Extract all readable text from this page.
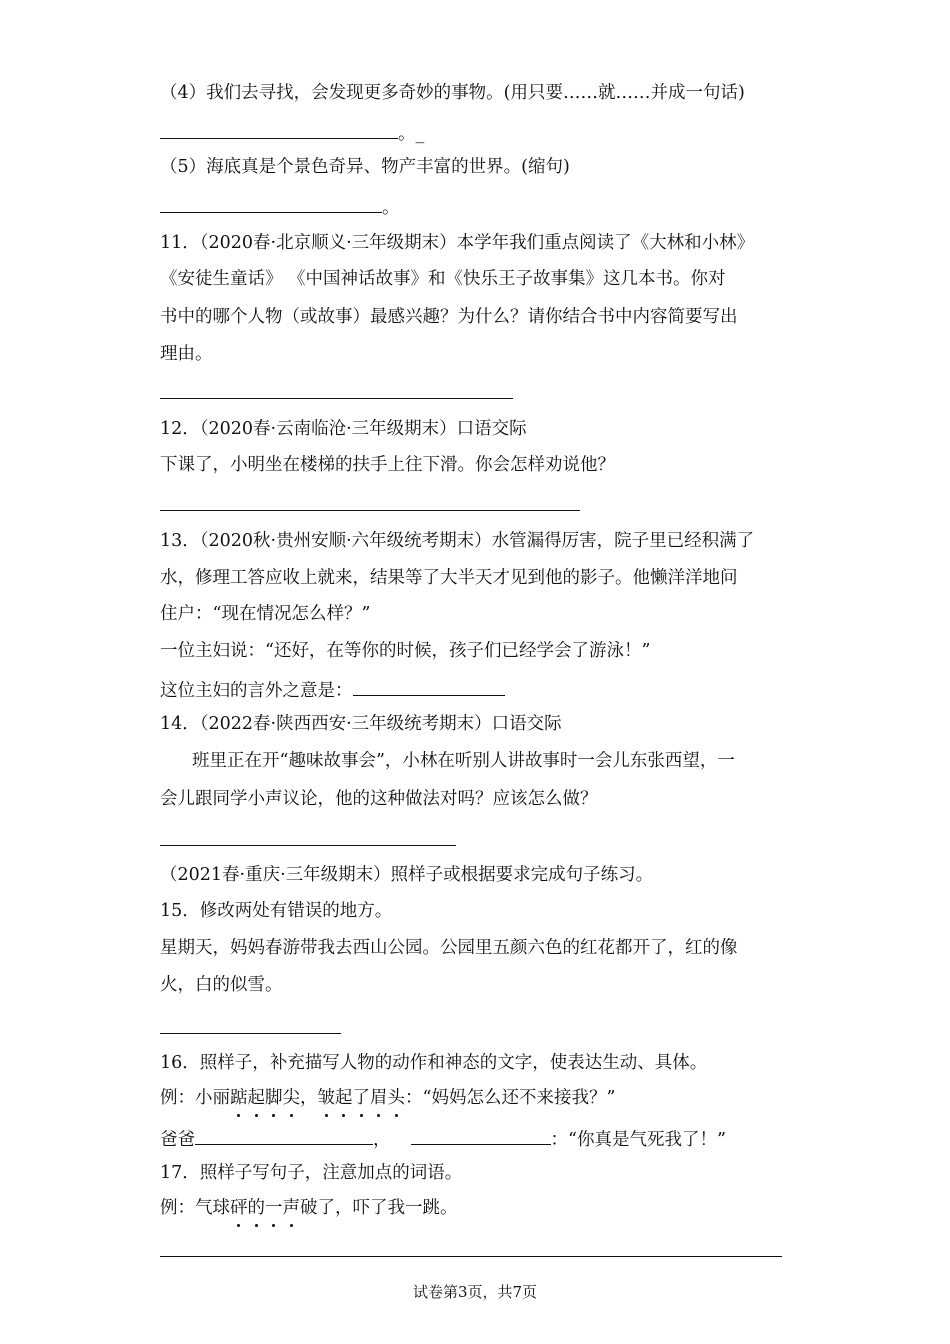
（4）我们去寻找，会发现更多奇妙的事物。(用只要……就……并成一句话)
。_
（5）海底真是个景色奇异、物产丰富的世界。(缩句)
。
11．（2020春·北京顺义·三年级期末）本学年我们重点阅读了《大林和小林》
《安徒生童话》 《中国神话故事》和《快乐王子故事集》这几本书。你对
书中的哪个人物（或故事）最感兴趣？为什么？请你结合书中内容简要写出
理由。
12．（2020春·云南临沧·三年级期末）口语交际
下课了，小明坐在楼梯的扶手上往下滑。你会怎样劝说他？
13．（2020秋·贵州安顺·六年级统考期末）水管漏得厉害，院子里已经积满了
水，修理工答应收上就来，结果等了大半天才见到他的影子。他懒洋洋地问
住户：“现在情况怎么样？”
一位主妇说：“还好，在等你的时候，孩子们已经学会了游泳！”
这位主妇的言外之意是：
14．（2022春·陕西西安·三年级统考期末）口语交际
班里正在开“趣味故事会”，小林在听别人讲故事时一会儿东张西望，一
会儿跟同学小声议论，他的这种做法对吗？应该怎么做？
（2021春·重庆·三年级期末）照样子或根据要求完成句子练习。
15．修改两处有错误的地方。
星期天，妈妈春游带我去西山公园。公园里五颜六色的红花都开了，红的像
火，白的似雪。
16．照样子，补充描写人物的动作和神态的文字，使表达生动、具体。
例：小丽踮起脚尖，皱起了眉头：“妈妈怎么还不来接我？”
爸爸	，	：“你真是气死我了！”
17．照样子写句子，注意加点的词语。
例：气球砰的一声破了，吓了我一跳。
试卷第3页，共7页
